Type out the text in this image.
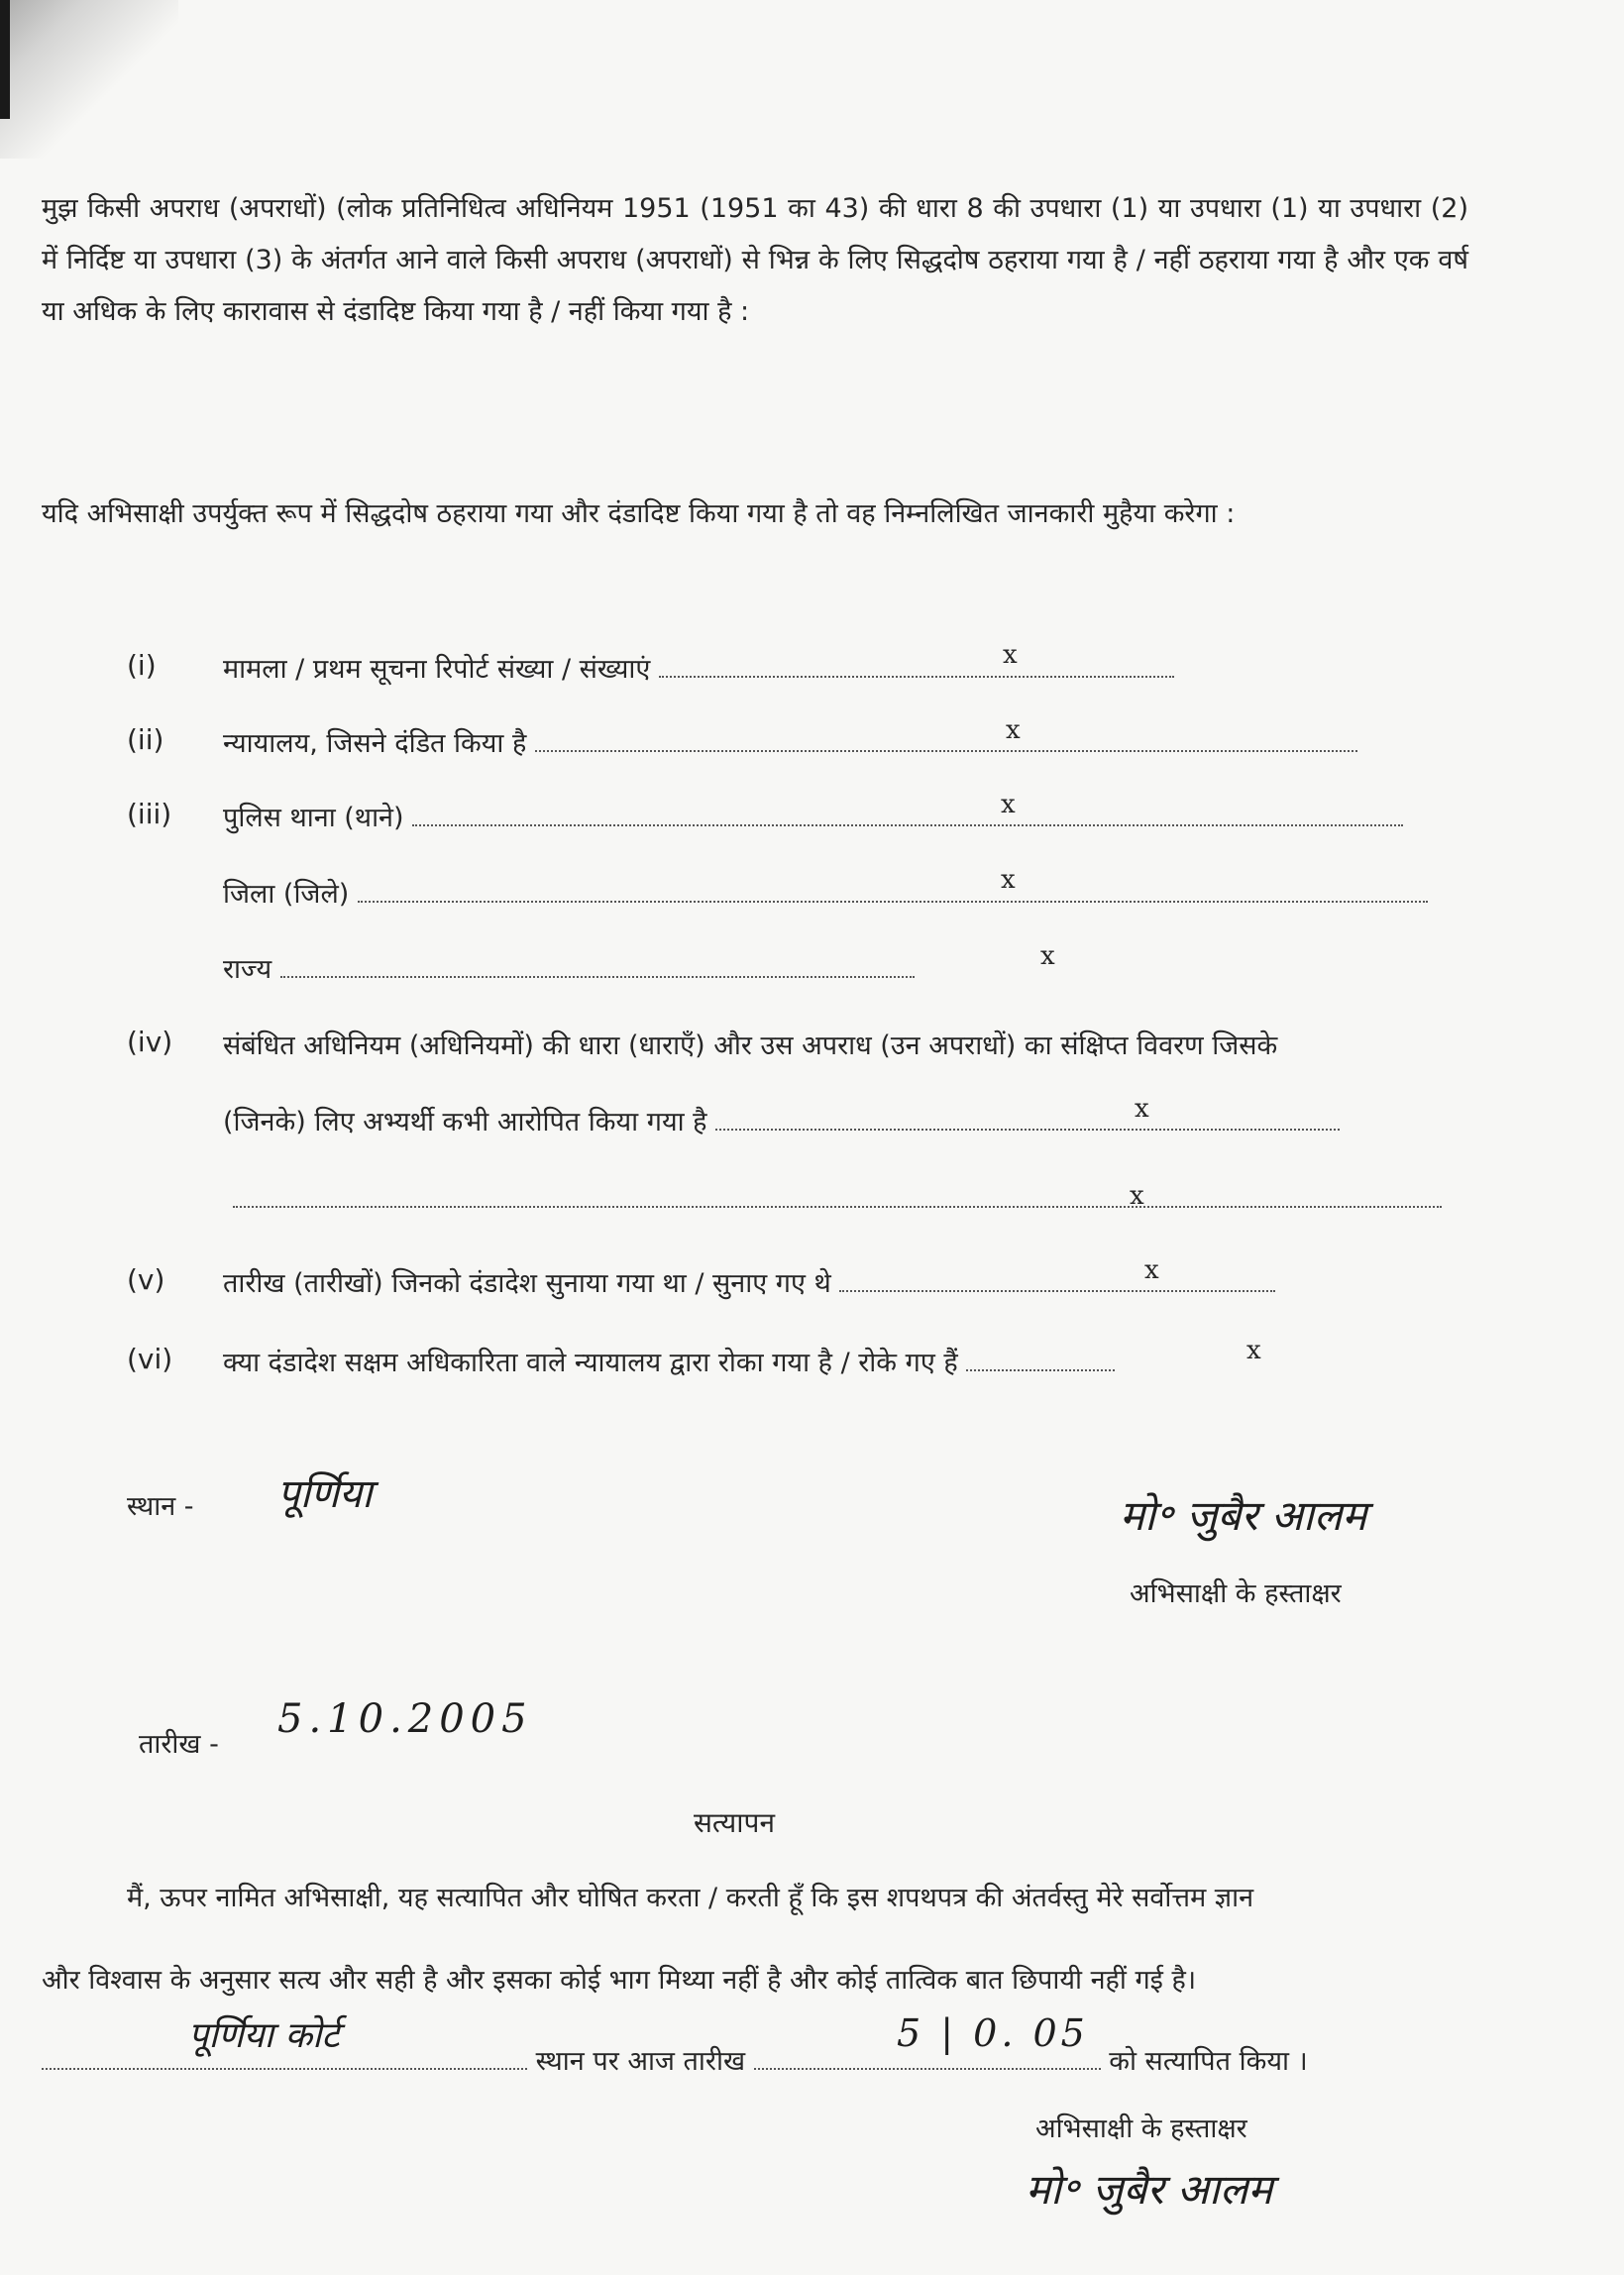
मुझ किसी अपराध (अपराधों) (लोक प्रतिनिधित्व अधिनियम 1951 (1951 का 43) की धारा 8 की उपधारा (1) या उपधारा (1) या उपधारा (2) में निर्दिष्ट या उपधारा (3) के अंतर्गत आने वाले किसी अपराध (अपराधों) से भिन्न के लिए सिद्धदोष ठहराया गया है / नहीं ठहराया गया है और एक वर्ष या अधिक के लिए कारावास से दंडादिष्ट किया गया है / नहीं किया गया है :
यदि अभिसाक्षी उपर्युक्त रूप में सिद्धदोष ठहराया गया और दंडादिष्ट किया गया है तो वह निम्नलिखित जानकारी मुहैया करेगा :
(i) मामला / प्रथम सूचना रिपोर्ट संख्या / संख्याएं	x
(ii) न्यायालय, जिसने दंडित किया है	x
(iii) पुलिस थाना (थाने)	x
जिला (जिले)	x
राज्य	x
(iv) संबंधित अधिनियम (अधिनियमों) की धारा (धाराएँ) और उस अपराध (उन अपराधों) का संक्षिप्त विवरण जिसके
(जिनके) लिए अभ्यर्थी कभी आरोपित किया गया है	x
x
(v) तारीख (तारीखों) जिनको दंडादेश सुनाया गया था / सुनाए गए थे	x
(vi) क्या दंडादेश सक्षम अधिकारिता वाले न्यायालय द्वारा रोका गया है / रोके गए हैं	x
स्थान - पूर्णिया	मो॰ जुबैर आलम
अभिसाक्षी के हस्ताक्षर
तारीख -
5.10.2005
सत्यापन
मैं, ऊपर नामित अभिसाक्षी, यह सत्यापित और घोषित करता / करती हूँ कि इस शपथपत्र की अंतर्वस्तु मेरे सर्वोत्तम ज्ञान
और विश्वास के अनुसार सत्य और सही है और इसका कोई भाग मिथ्या नहीं है और कोई तात्विक बात छिपायी नहीं गई है।
स्थान पर आज तारीख	को सत्यापित किया ।
पूर्णिया कोर्ट	5 | 0. 05
अभिसाक्षी के हस्ताक्षर
मो॰ जुबैर आलम
